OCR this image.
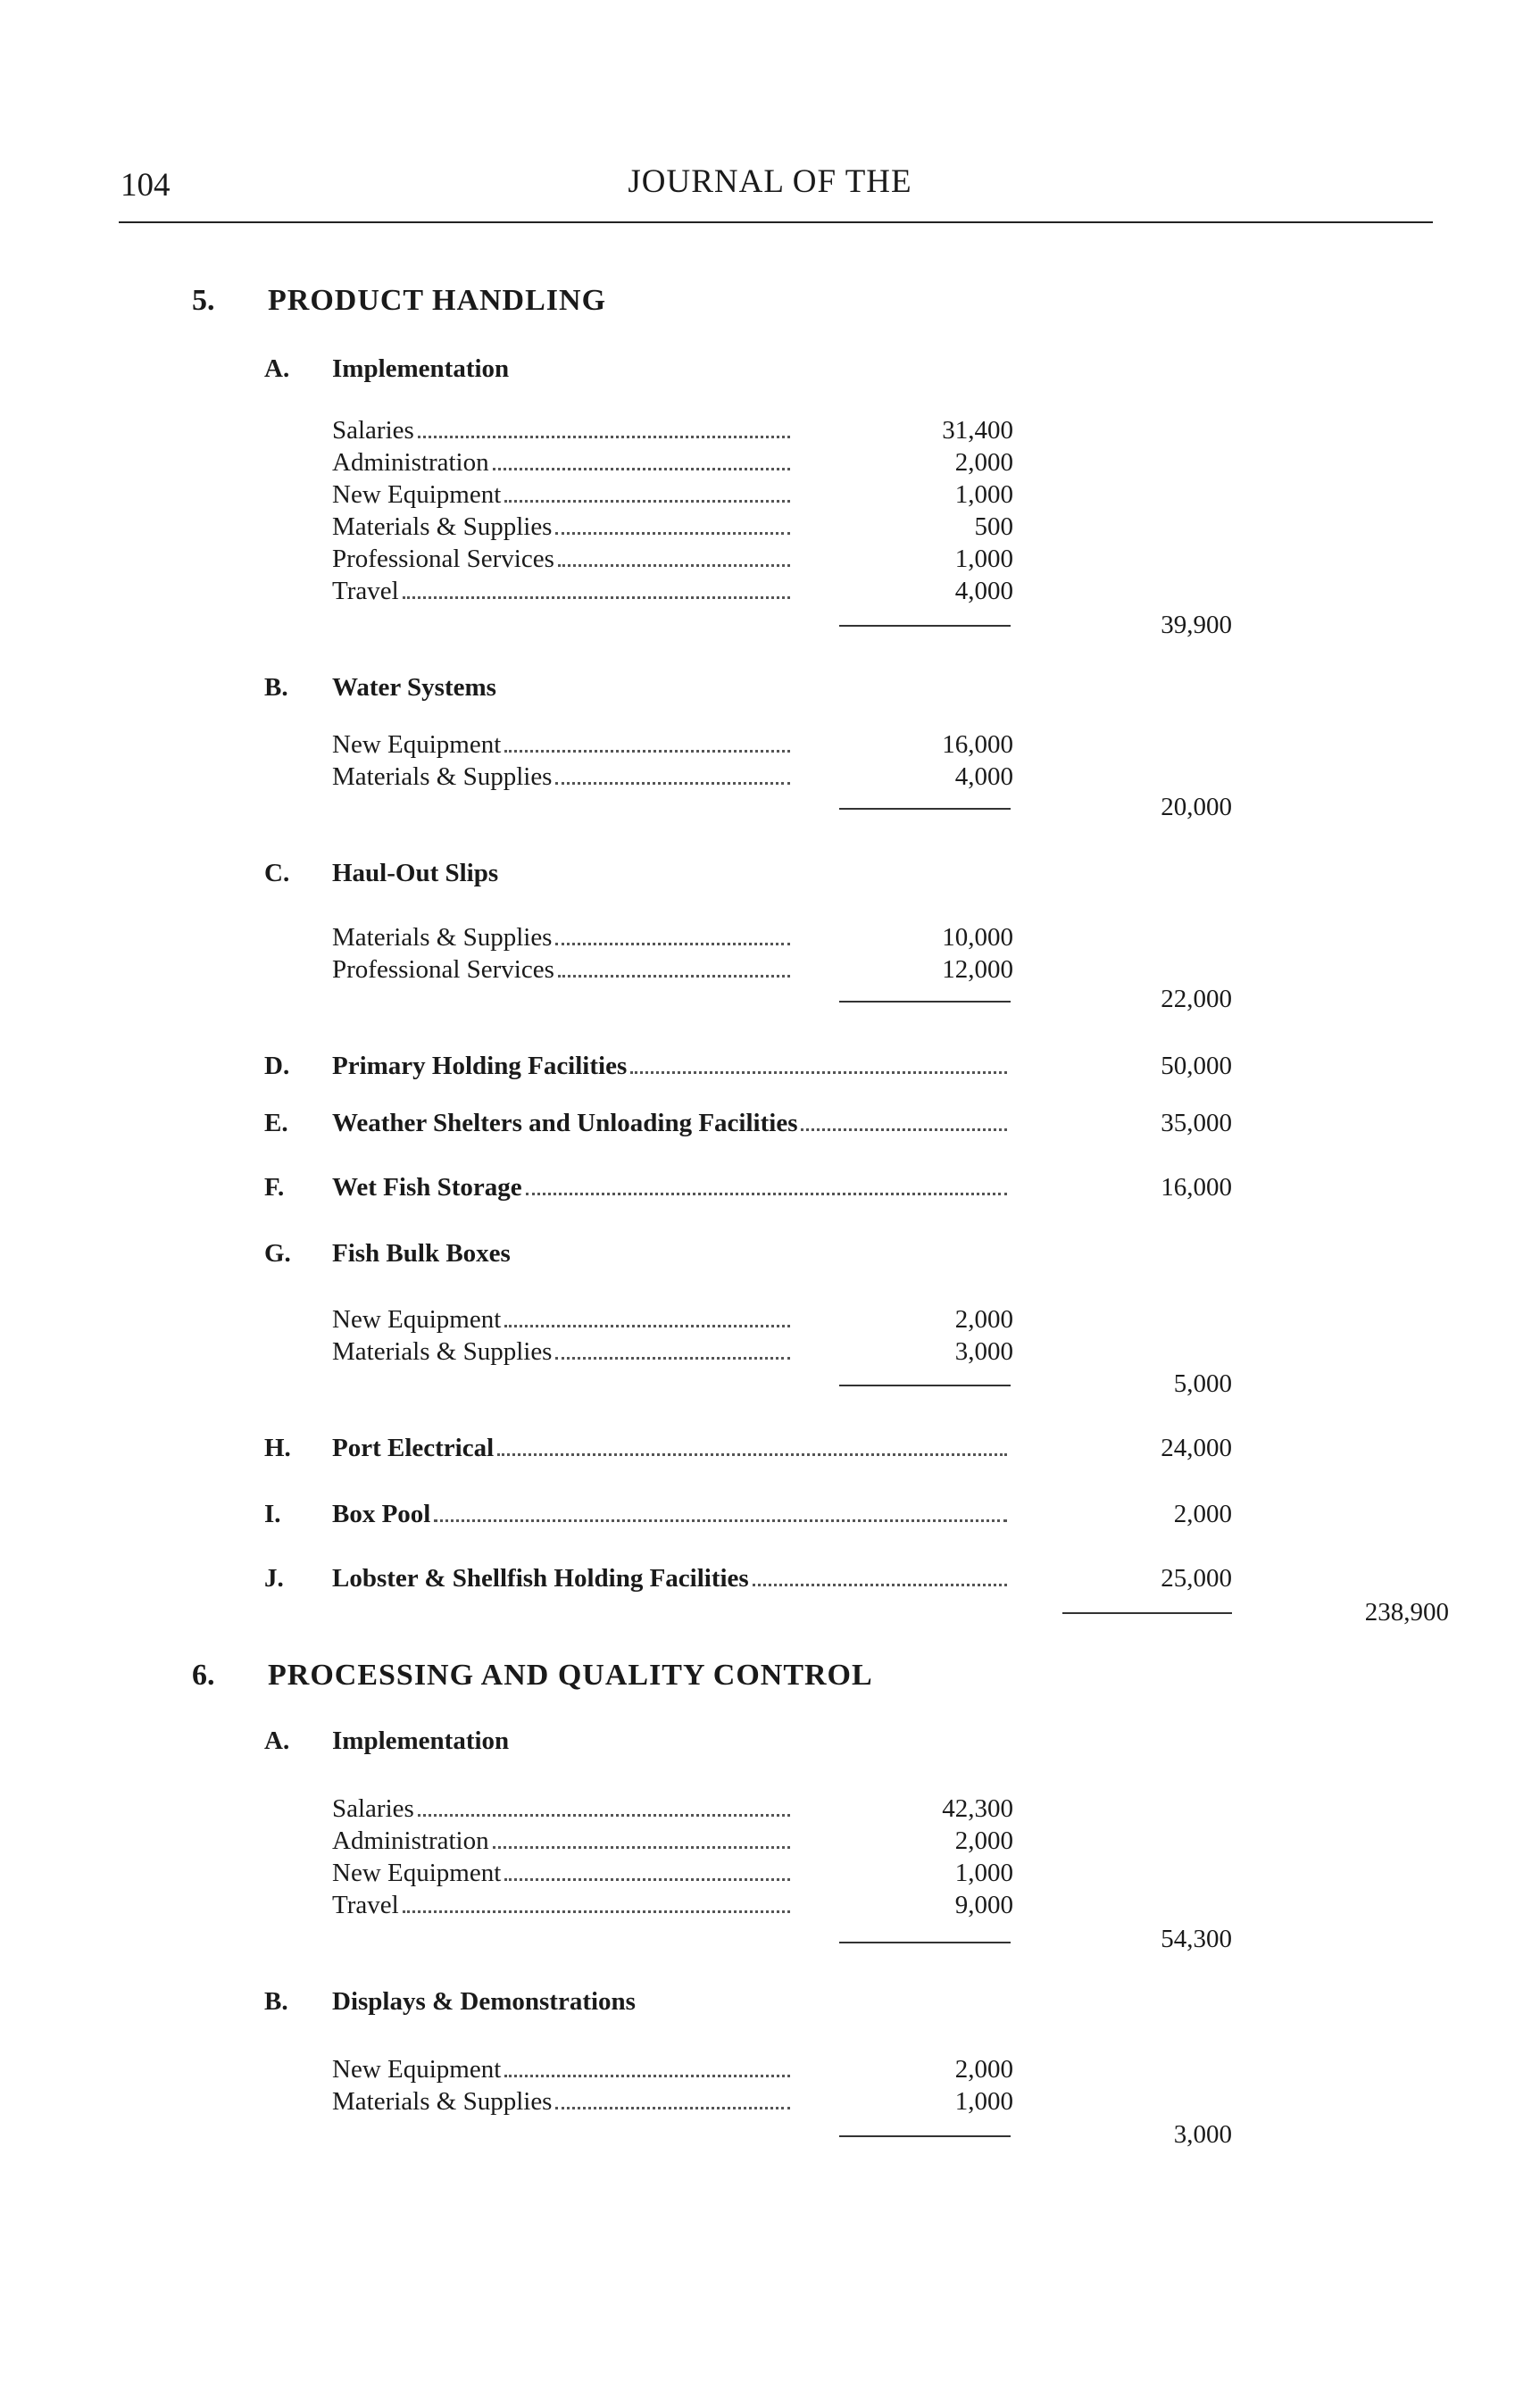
104	JOURNAL OF THE
5. PRODUCT HANDLING
A. Implementation
Salaries	31,400
Administration	2,000
New Equipment	1,000
Materials & Supplies	500
Professional Services	1,000
Travel	4,000
39,900
B. Water Systems
New Equipment	16,000
Materials & Supplies	4,000
20,000
C. Haul-Out Slips
Materials & Supplies	10,000
Professional Services	12,000
22,000
D. Primary Holding Facilities	50,000
E. Weather Shelters and Unloading Facilities	35,000
F. Wet Fish Storage	16,000
G. Fish Bulk Boxes
New Equipment	2,000
Materials & Supplies	3,000
5,000
H. Port Electrical	24,000
I. Box Pool	2,000
J. Lobster & Shellfish Holding Facilities	25,000
238,900
6. PROCESSING AND QUALITY CONTROL
A. Implementation
Salaries	42,300
Administration	2,000
New Equipment	1,000
Travel	9,000
54,300
B. Displays & Demonstrations
New Equipment	2,000
Materials & Supplies	1,000
3,000
